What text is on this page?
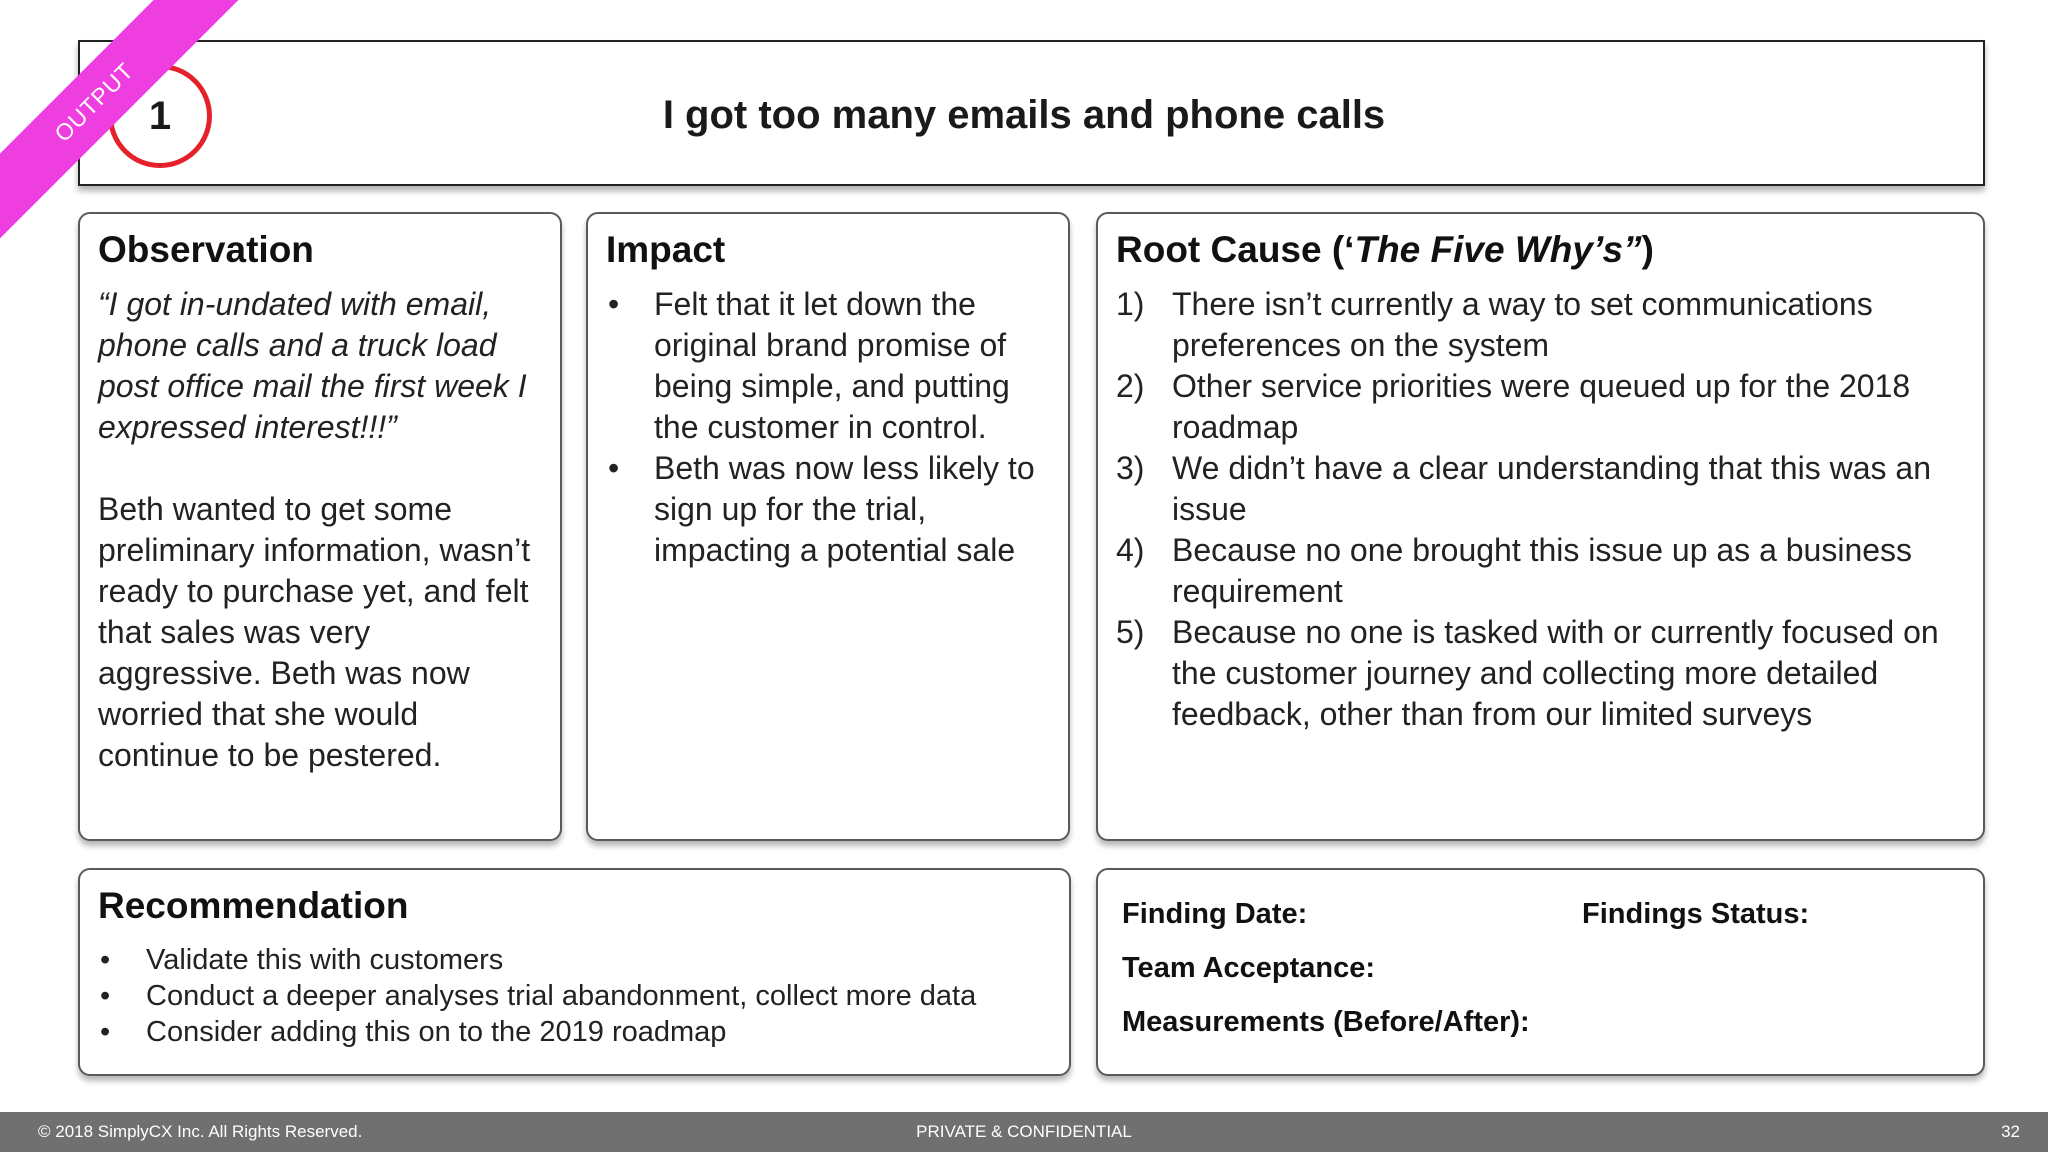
I got too many emails and phone calls
1
OUTPUT
Observation
“I got in-undated with email, phone calls and a truck load post office mail the first week I expressed interest!!!”
Beth wanted to get some preliminary information, wasn’t ready to purchase yet, and felt that sales was very aggressive. Beth was now worried that she would continue to be pestered.
Impact
• Felt that it let down the original brand promise of being simple, and putting the customer in control.
• Beth was now less likely to sign up for the trial, impacting a potential sale
Root Cause (‘The Five Why’s”)
1) There isn’t currently a way to set communications preferences on the system
2) Other service priorities were queued up for the 2018 roadmap
3) We didn’t have a clear understanding that this was an issue
4) Because no one brought this issue up as a business requirement
5) Because no one is tasked with or currently focused on the customer journey and collecting more detailed feedback, other than from our limited surveys
Recommendation
• Validate this with customers
• Conduct a deeper analyses trial abandonment, collect more data
• Consider adding this on to the 2019 roadmap
Finding Date:	Findings Status:
Team Acceptance:
Measurements (Before/After):
© 2018 SimplyCX Inc. All Rights Reserved.	PRIVATE & CONFIDENTIAL	32
